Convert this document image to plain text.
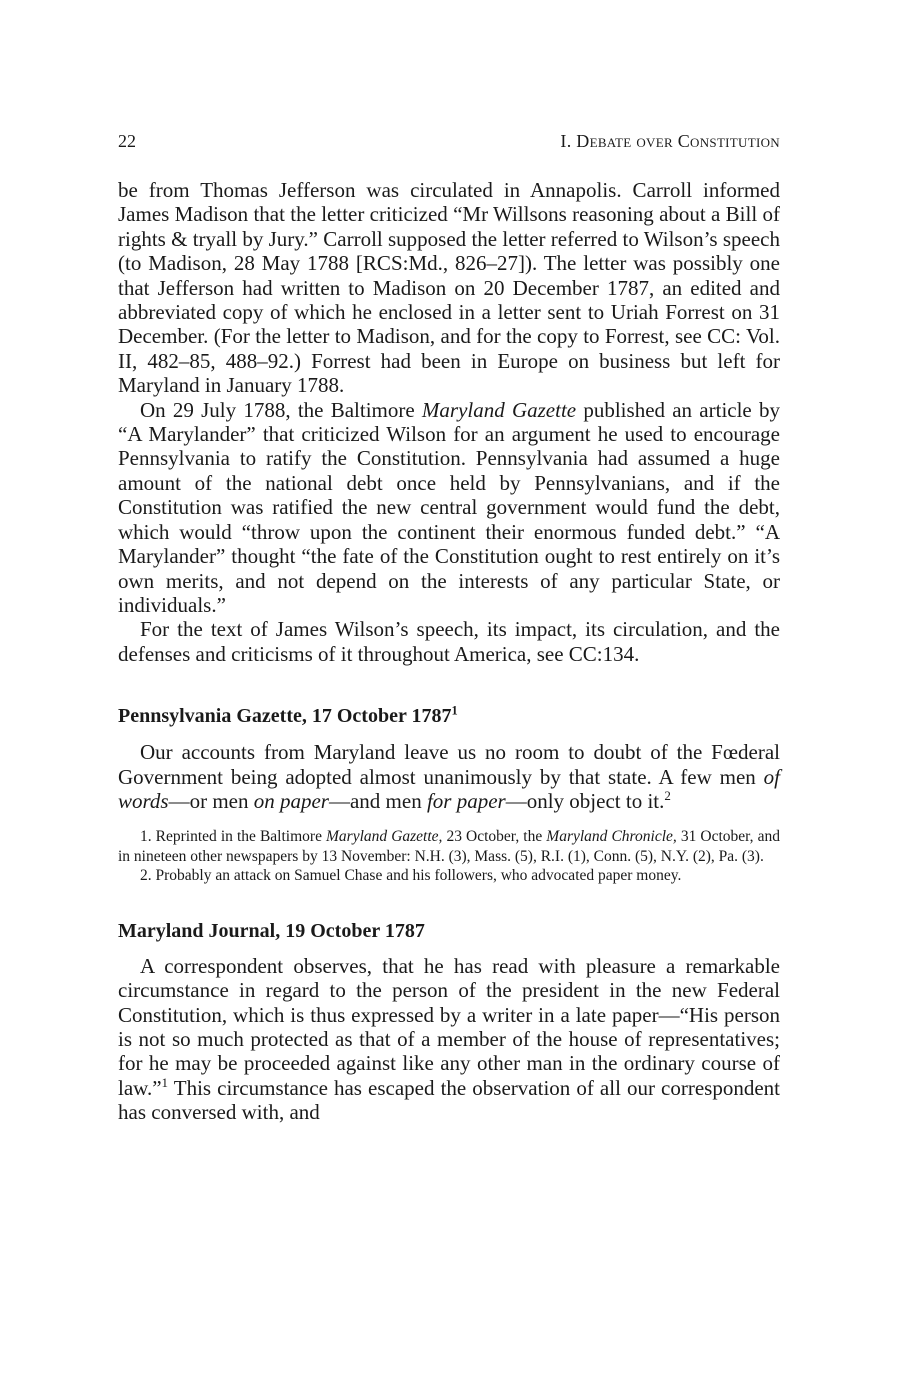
22	I. Debate over Constitution

be from Thomas Jefferson was circulated in Annapolis. Carroll informed James Madison that the letter criticized “Mr Willsons reasoning about a Bill of rights & tryall by Jury.” Carroll supposed the letter referred to Wilson’s speech (to Madison, 28 May 1788 [RCS:Md., 826–27]). The letter was possibly one that Jefferson had written to Madison on 20 December 1787, an edited and abbreviated copy of which he enclosed in a letter sent to Uriah Forrest on 31 December. (For the letter to Madison, and for the copy to Forrest, see CC: Vol. II, 482–85, 488–92.) Forrest had been in Europe on business but left for Maryland in January 1788.

On 29 July 1788, the Baltimore Maryland Gazette published an article by “A Marylander” that criticized Wilson for an argument he used to encourage Pennsylvania to ratify the Constitution. Pennsylvania had assumed a huge amount of the national debt once held by Pennsylvanians, and if the Constitution was ratified the new central government would fund the debt, which would “throw upon the continent their enormous funded debt.” “A Marylander” thought “the fate of the Constitution ought to rest entirely on it’s own merits, and not depend on the interests of any particular State, or individuals.”

For the text of James Wilson’s speech, its impact, its circulation, and the defenses and criticisms of it throughout America, see CC:134.

Pennsylvania Gazette, 17 October 1787$^1$

Our accounts from Maryland leave us no room to doubt of the Fœderal Government being adopted almost unanimously by that state. A few men of words—or men on paper—and men for paper—only object to it.$^2$

1. Reprinted in the Baltimore Maryland Gazette, 23 October, the Maryland Chronicle, 31 October, and in nineteen other newspapers by 13 November: N.H. (3), Mass. (5), R.I. (1), Conn. (5), N.Y. (2), Pa. (3).

2. Probably an attack on Samuel Chase and his followers, who advocated paper money.

Maryland Journal, 19 October 1787

A correspondent observes, that he has read with pleasure a remarkable circumstance in regard to the person of the president in the new Federal Constitution, which is thus expressed by a writer in a late paper—“His person is not so much protected as that of a member of the house of representatives; for he may be proceeded against like any other man in the ordinary course of law.”$^1$ This circumstance has escaped the observation of all our correspondent has conversed with, and
